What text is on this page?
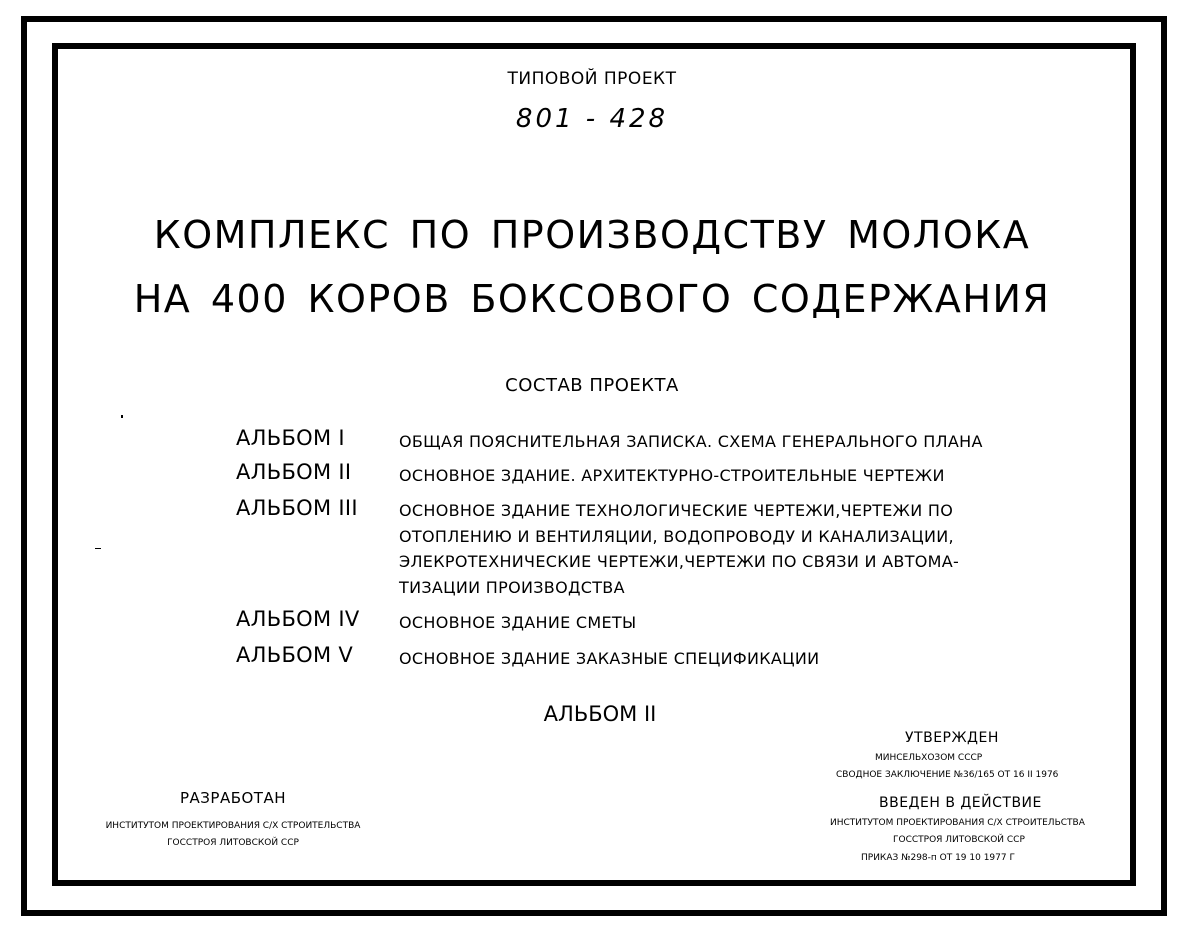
ТИПОВОЙ ПРОЕКТ
801 - 428
КОМПЛЕКС ПО ПРОИЗВОДСТВУ МОЛОКА
НА 400 КОРОВ БОКСОВОГО СОДЕРЖАНИЯ
СОСТАВ ПРОЕКТА
АЛЬБОМ I	ОБЩАЯ ПОЯСНИТЕЛЬНАЯ ЗАПИСКА. СХЕМА ГЕНЕРАЛЬНОГО ПЛАНА
АЛЬБОМ II	ОСНОВНОЕ ЗДАНИЕ. АРХИТЕКТУРНО-СТРОИТЕЛЬНЫЕ ЧЕРТЕЖИ
АЛЬБОМ III	ОСНОВНОЕ ЗДАНИЕ ТЕХНОЛОГИЧЕСКИЕ ЧЕРТЕЖИ,ЧЕРТЕЖИ ПО ОТОПЛЕНИЮ И ВЕНТИЛЯЦИИ, ВОДОПРОВОДУ И КАНАЛИЗАЦИИ, ЭЛЕКРОТЕХНИЧЕСКИЕ ЧЕРТЕЖИ,ЧЕРТЕЖИ ПО СВЯЗИ И АВТОМА- ТИЗАЦИИ ПРОИЗВОДСТВА
АЛЬБОМ IV ОСНОВНОЕ ЗДАНИЕ СМЕТЫ
АЛЬБОМ V	ОСНОВНОЕ ЗДАНИЕ ЗАКАЗНЫЕ СПЕЦИФИКАЦИИ
АЛЬБОМ II
РАЗРАБОТАН
ИНСТИТУТОМ ПРОЕКТИРОВАНИЯ С/Х СТРОИТЕЛЬСТВА
ГОССТРОЯ ЛИТОВСКОЙ ССР
УТВЕРЖДЕН
МИНСЕЛЬХОЗОМ СССР
СВОДНОЕ ЗАКЛЮЧЕНИЕ №36/165 ОТ 16 II 1976
ВВЕДЕН В ДЕЙСТВИЕ
ИНСТИТУТОМ ПРОЕКТИРОВАНИЯ С/Х СТРОИТЕЛЬСТВА
ГОССТРОЯ ЛИТОВСКОЙ ССР
ПРИКАЗ №298-п ОТ 19 10 1977 Г
